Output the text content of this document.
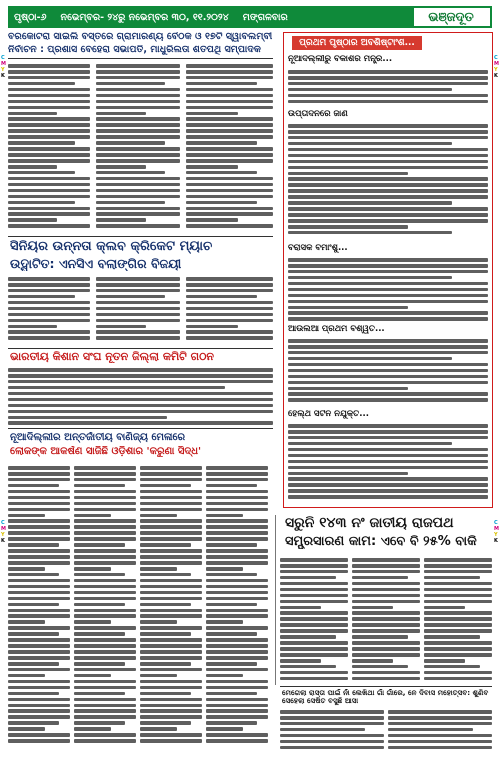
ପୃଷ୍ଠା-୬ ନଭେମ୍ବର- ୨୪ରୁ ନଭେମ୍ବର ୩୦, ୧୧.୨୦୨୪ ମଙ୍ଗଳବାର	ଭଞ୍ଜଦୂତ
C
M
Y
K
C
M
Y
K
C
M
Y
K
C
M
Y
K
ବରକୋଟରା ସାଇଲି ବସ୍ତରେ ଗ୍ରାମାରଣ୍ୟ ବୈଠକ ଓ ୧୭ଟି ସ୍ୱାବଲମ୍ବୀ
ନିର୍ବାଚନ : ପ୍ରଶାସ ବେହେରା ସଭାପତି, ମାଧୁରିଲତା ଶତପଥି ସମ୍ପାଦକ
ପ୍ରଥମ ପୃଷ୍ଠାର ଅବଶିଷ୍ଟାଂଶ...
ନୂଆଦିଲ୍ଲୀରୁ ବିକାଶର ମନ୍ତ୍ର...
ଉପ୍ତାଦନରେ ଜାଣି
ବିରାସକ ବିମାଂଶୁ...
ଆଉଲିଆ ପ୍ରଥମ ବିଶ୍ୱିତ...
ହେଲ୍ଥ ସର୍ଟିନ ନିଯୁକ୍ତି...
ସିନିୟର ଉନ୍ନତା କ୍ଲବ କ୍ରିକେଟ ମ୍ୟାଚ
ଉଦ୍ଘାଟିତ: ଏନସିଏ ବଲାଙ୍ଗିର ବିଜୟୀ
ଭାରତୀୟ କିଶାନ ସଂଘ ନୂତନ ଜିଲ୍ଲା କମିଟି ଗଠନ
ନୂଆଦିଲ୍ଲୀର ଅନ୍ତର୍ଜାତୀୟ ବାଣିଜ୍ୟ ମେଳାରେ
ଲୋକଙ୍କ ଆକର୍ଷଣ ସାଜିଛି ଓଡ଼ିଶାର 'କରୁଣା ସିଦ୍ଧ'
ସରୁନି ୧୪୩ ନଂ ଜାତୀୟ ରାଜପଥ
ସମ୍ପ୍ରସାରଣ କାମ: ଏବେ ବି ୨୫% ବାକି
ମେଗେଲା ରାସ୍ତା ପାଇଁ ନାଁ ଲେଖିଥା ଗାଁ ଗାଁରେ, ନେ ଦିବାସ ମହୋତ୍ସବ: ଶୁଣିବ ସେହେଲା ସେଷିତ ବସୁଛି ଆସା
